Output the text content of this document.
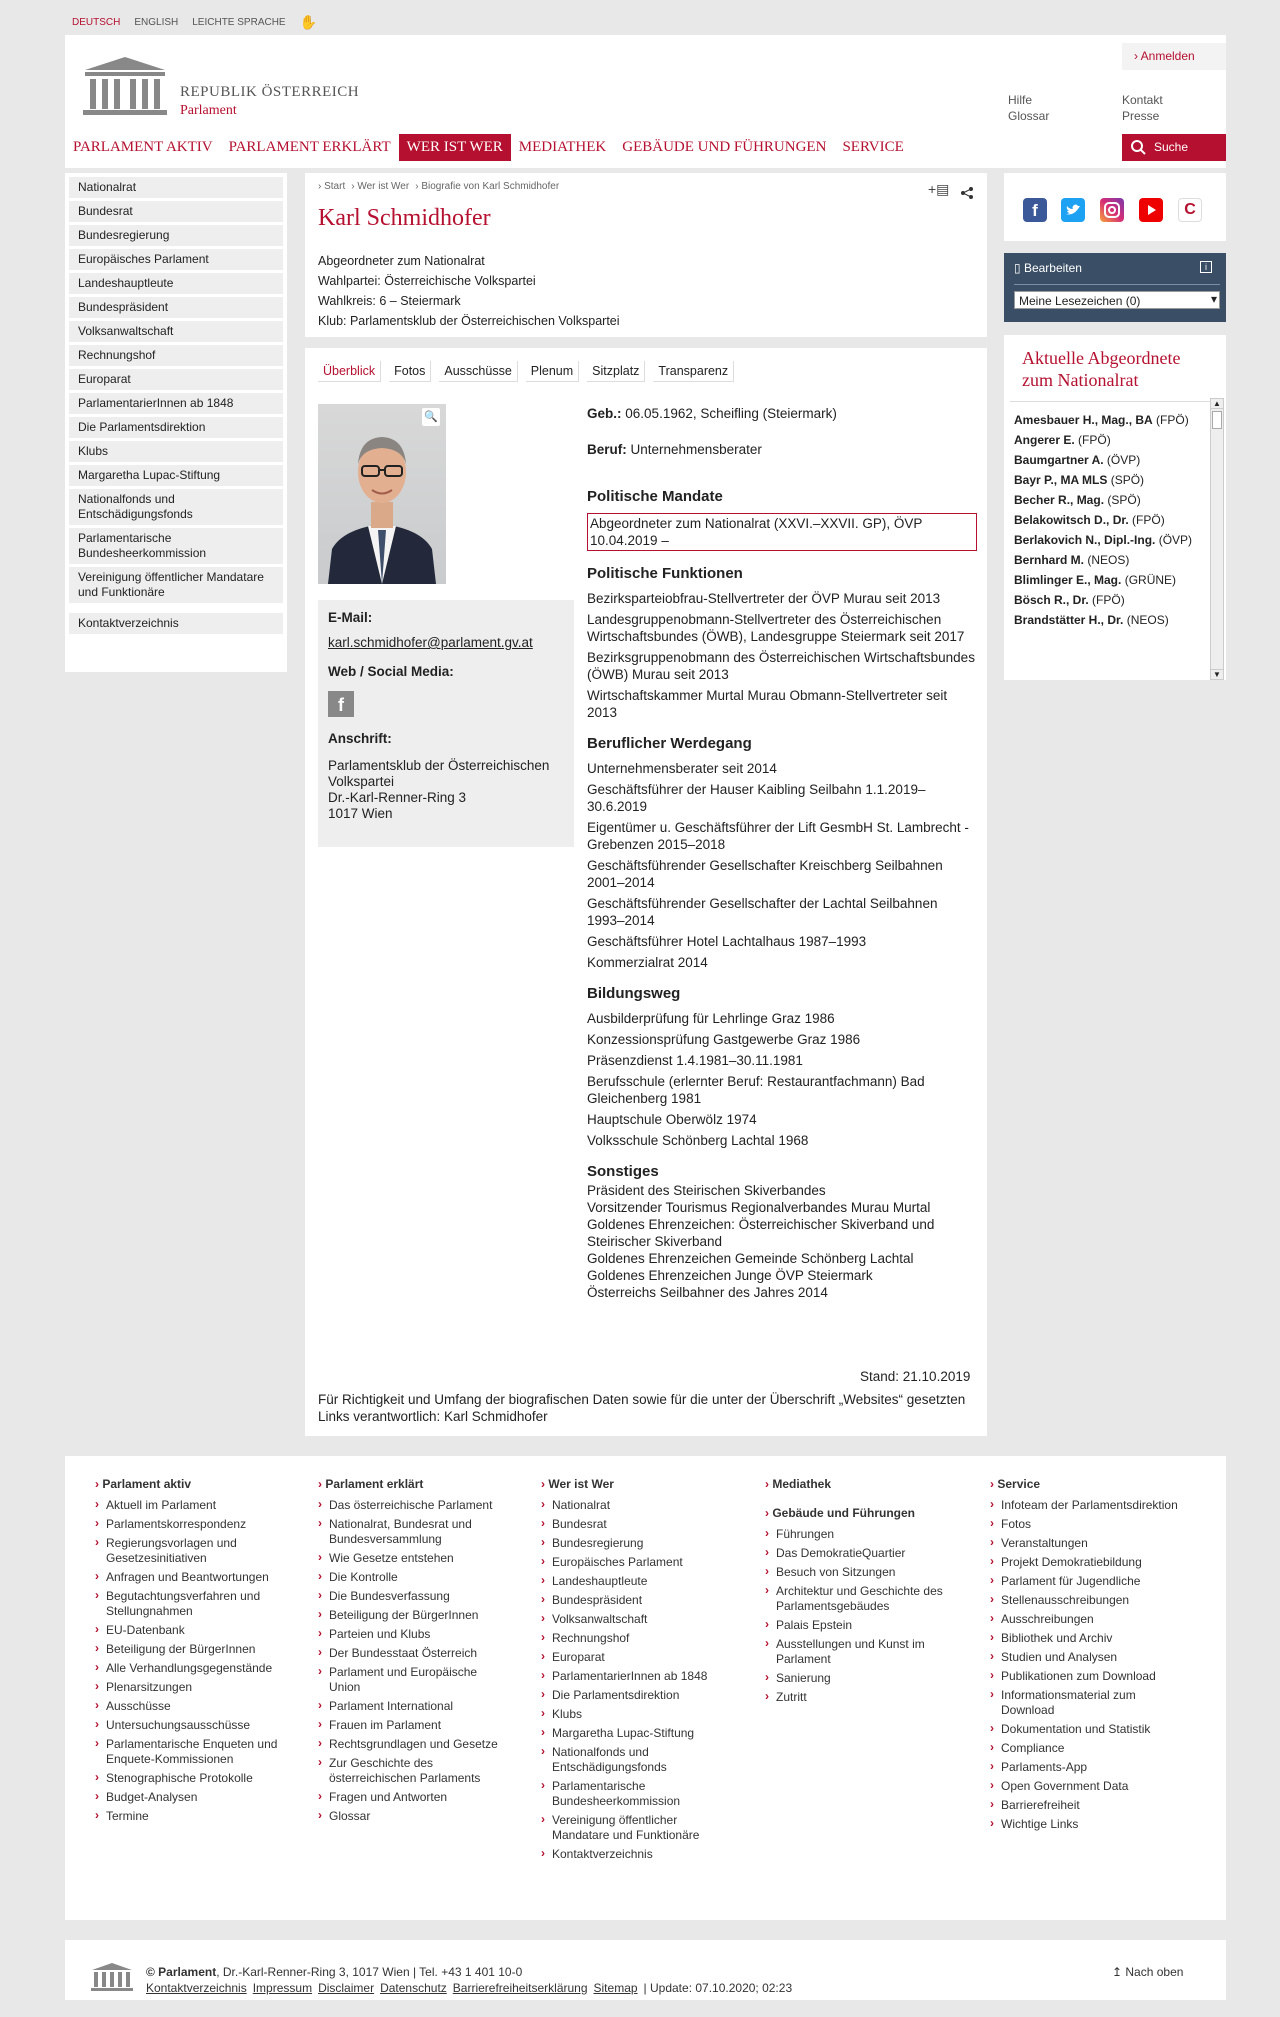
DEUTSCH ENGLISH LEICHTE SPRACHE ✋
REPUBLIK ÖSTERREICH
Parlament
› Anmelden
Hilfe
Glossar
Kontakt
Presse
PARLAMENT AKTIV	PARLAMENT ERKLÄRT	WER IST WER	MEDIATHEK	GEBÄUDE UND FÜHRUNGEN	SERVICE	Suche
Nationalrat
Bundesrat
Bundesregierung
Europäisches Parlament
Landeshauptleute
Bundespräsident
Volksanwaltschaft
Rechnungshof
Europarat
ParlamentarierInnen ab 1848
Die Parlamentsdirektion
Klubs
Margaretha Lupac-Stiftung
Nationalfonds und Entschädigungsfonds
Parlamentarische Bundesheerkommission
Vereinigung öffentlicher Mandatare und Funktionäre
Kontaktverzeichnis
› Start › Wer ist Wer › Biografie von Karl Schmidhofer	+▤
Karl Schmidhofer
Abgeordneter zum Nationalrat
Wahlpartei: Österreichische Volkspartei
Wahlkreis: 6 – Steiermark
Klub: Parlamentsklub der Österreichischen Volkspartei
Überblick	Fotos	Ausschüsse	Plenum	Sitzplatz	Transparenz
🔍
E-Mail:
karl.schmidhofer@parlament.gv.at
Web / Social Media:
f
Anschrift:
Parlamentsklub der Österreichischen Volkspartei
Dr.-Karl-Renner-Ring 3
1017 Wien
Geb.: 06.05.1962, Scheifling (Steiermark)
Beruf: Unternehmensberater
Politische Mandate
Abgeordneter zum Nationalrat (XXVI.–XXVII. GP), ÖVP 10.04.2019 –
Politische Funktionen
Bezirksparteiobfrau-Stellvertreter der ÖVP Murau seit 2013
Landesgruppenobmann-Stellvertreter des Österreichischen Wirtschaftsbundes (ÖWB), Landesgruppe Steiermark seit 2017
Bezirksgruppenobmann des Österreichischen Wirtschaftsbundes (ÖWB) Murau seit 2013
Wirtschaftskammer Murtal Murau Obmann-Stellvertreter seit 2013
Beruflicher Werdegang
Unternehmensberater seit 2014
Geschäftsführer der Hauser Kaibling Seilbahn 1.1.2019–30.6.2019
Eigentümer u. Geschäftsführer der Lift GesmbH St. Lambrecht - Grebenzen 2015–2018
Geschäftsführender Gesellschafter Kreischberg Seilbahnen 2001–2014
Geschäftsführender Gesellschafter der Lachtal Seilbahnen 1993–2014
Geschäftsführer Hotel Lachtalhaus 1987–1993
Kommerzialrat 2014
Bildungsweg
Ausbilderprüfung für Lehrlinge Graz 1986
Konzessionsprüfung Gastgewerbe Graz 1986
Präsenzdienst 1.4.1981–30.11.1981
Berufsschule (erlernter Beruf: Restaurantfachmann) Bad Gleichenberg 1981
Hauptschule Oberwölz 1974
Volksschule Schönberg Lachtal 1968
Sonstiges
Präsident des Steirischen Skiverbandes
Vorsitzender Tourismus Regionalverbandes Murau Murtal
Goldenes Ehrenzeichen: Österreichischer Skiverband und Steirischer Skiverband
Goldenes Ehrenzeichen Gemeinde Schönberg Lachtal
Goldenes Ehrenzeichen Junge ÖVP Steiermark
Österreichs Seilbahner des Jahres 2014
Stand: 21.10.2019
Für Richtigkeit und Umfang der biografischen Daten sowie für die unter der Überschrift „Websites“ gesetzten Links verantwortlich: Karl Schmidhofer
f	C
▯ Bearbeiten	i
Meine Lesezeichen (0)	▾
Aktuelle Abgeordnete zum Nationalrat
Amesbauer H., Mag., BA (FPÖ)
Angerer E. (FPÖ)
Baumgartner A. (ÖVP)
Bayr P., MA MLS (SPÖ)
Becher R., Mag. (SPÖ)
Belakowitsch D., Dr. (FPÖ)
Berlakovich N., Dipl.-Ing. (ÖVP)
Bernhard M. (NEOS)
Blimlinger E., Mag. (GRÜNE)
Bösch R., Dr. (FPÖ)
Brandstätter H., Dr. (NEOS)
▲
▼
› Parlament aktiv
› Aktuell im Parlament
› Parlamentskorrespondenz
› Regierungsvorlagen und Gesetzesinitiativen
› Anfragen und Beantwortungen
› Begutachtungsverfahren und Stellungnahmen
› EU-Datenbank
› Beteiligung der BürgerInnen
› Alle Verhandlungsgegenstände
› Plenarsitzungen
› Ausschüsse
› Untersuchungsausschüsse
› Parlamentarische Enqueten und Enquete-Kommissionen
› Stenographische Protokolle
› Budget-Analysen
› Termine
› Parlament erklärt
› Das österreichische Parlament
› Nationalrat, Bundesrat und Bundesversammlung
› Wie Gesetze entstehen
› Die Kontrolle
› Die Bundesverfassung
› Beteiligung der BürgerInnen
› Parteien und Klubs
› Der Bundesstaat Österreich
› Parlament und Europäische Union
› Parlament International
› Frauen im Parlament
› Rechtsgrundlagen und Gesetze
› Zur Geschichte des österreichischen Parlaments
› Fragen und Antworten
› Glossar
› Wer ist Wer
› Nationalrat
› Bundesrat
› Bundesregierung
› Europäisches Parlament
› Landeshauptleute
› Bundespräsident
› Volksanwaltschaft
› Rechnungshof
› Europarat
› ParlamentarierInnen ab 1848
› Die Parlamentsdirektion
› Klubs
› Margaretha Lupac-Stiftung
› Nationalfonds und Entschädigungsfonds
› Parlamentarische Bundesheerkommission
› Vereinigung öffentlicher Mandatare und Funktionäre
› Kontaktverzeichnis
› Mediathek
› Gebäude und Führungen
› Führungen
› Das DemokratieQuartier
› Besuch von Sitzungen
› Architektur und Geschichte des Parlamentsgebäudes
› Palais Epstein
› Ausstellungen und Kunst im Parlament
› Sanierung
› Zutritt
› Service
› Infoteam der Parlamentsdirektion
› Fotos
› Veranstaltungen
› Projekt Demokratiebildung
› Parlament für Jugendliche
› Stellenausschreibungen
› Ausschreibungen
› Bibliothek und Archiv
› Studien und Analysen
› Publikationen zum Download
› Informationsmaterial zum Download
› Dokumentation und Statistik
› Compliance
› Parlaments-App
› Open Government Data
› Barrierefreiheit
› Wichtige Links
© Parlament, Dr.-Karl-Renner-Ring 3, 1017 Wien | Tel. +43 1 401 10-0
Kontaktverzeichnis Impressum Disclaimer Datenschutz Barrierefreiheitserklärung Sitemap | Update: 07.10.2020; 02:23
↥ Nach oben
